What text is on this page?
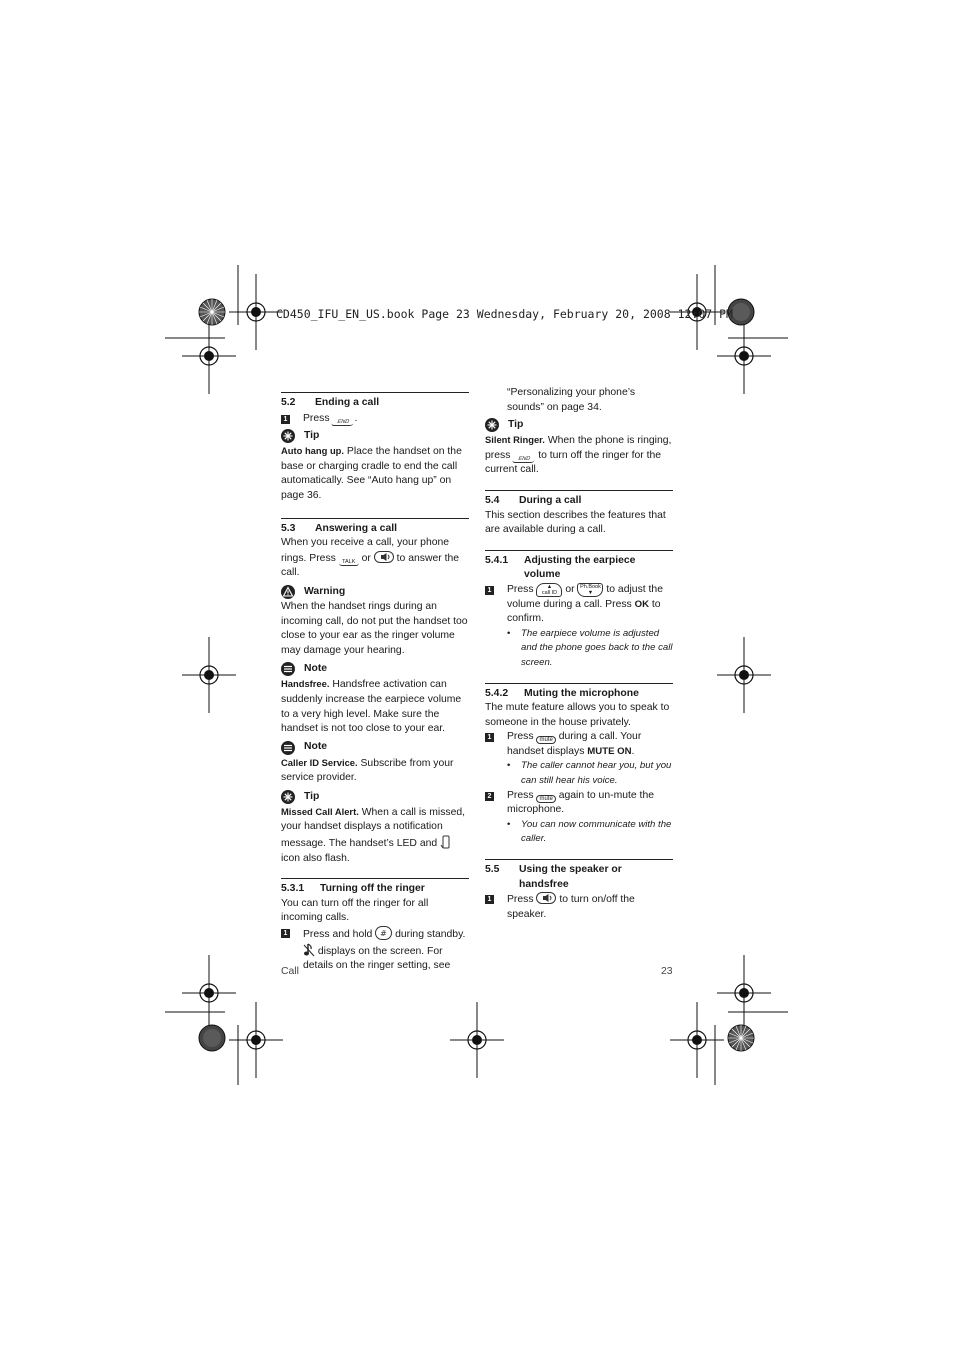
CD450_IFU_EN_US.book Page 23 Wednesday, February 20, 2008 12:07 PM
5.2	Ending a call
1 Press END .
Tip

Auto hang up. Place the handset on the base or charging cradle to end the call automatically. See “Auto hang up” on page 36.

5.3	Answering a call

When you receive a call, your phone rings. Press TALK or to answer the call.

Warning

When the handset rings during an incoming call, do not put the handset too close to your ear as the ringer volume may damage your hearing.

Note

Handsfree. Handsfree activation can suddenly increase the earpiece volume to a very high level. Make sure the handset is not too close to your ear.

Note

Caller ID Service. Subscribe from your service provider.

Tip

Missed Call Alert. When a call is missed, your handset displays a notification message. The handset’s LED and  icon also flash.

5.3.1	Turning off the ringer

You can turn off the ringer for all incoming calls.

1 Press and hold # during standby.
displays on the screen. For details on the ringer setting, see

“Personalizing your phone’s sounds” on page 34.

Tip

Silent Ringer. When the phone is ringing, press END to turn off the ringer for the current call.

5.4	During a call

This section describes the features that are available during a call.

5.4.1	Adjusting the earpiece
volume
1 Press ▲
call ID or Ph.Book
▼ to adjust the volume during a call. Press OK to confirm.
•	The earpiece volume is adjusted and the phone goes back to the call screen.
5.4.2	Muting the microphone

The mute feature allows you to speak to someone in the house privately.

1 Press mute during a call. Your handset displays MUTE ON.
•	The caller cannot hear you, but you can still hear his voice.
2 Press mute again to un-mute the microphone.
•	You can now communicate with the caller.
5.5	Using the speaker or
handsfree
1 Press to turn on/off the speaker.
Call	23
